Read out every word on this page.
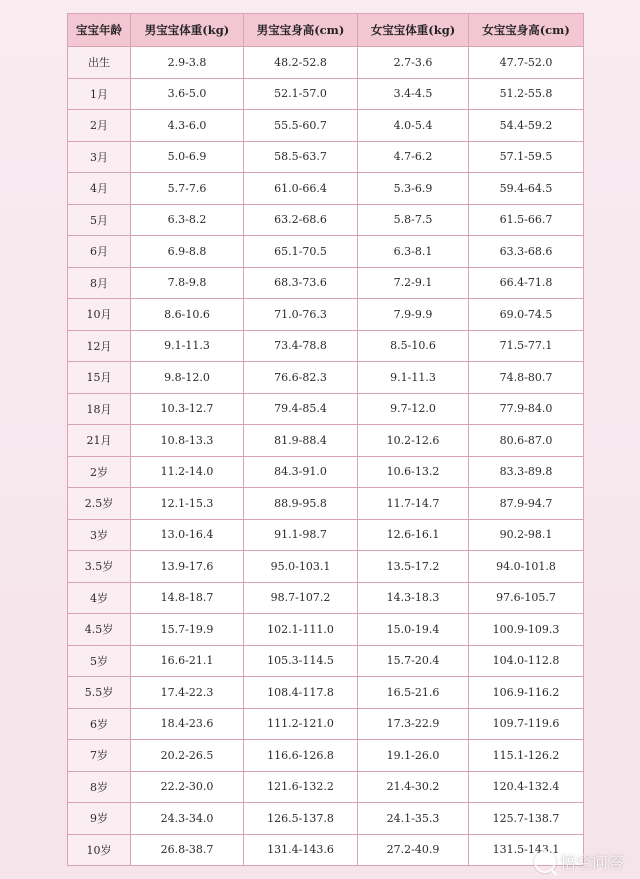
宝宝年龄	男宝宝体重(kg)	男宝宝身高(cm)	女宝宝体重(kg)	女宝宝身高(cm)
出生	2.9-3.8	48.2-52.8	2.7-3.6	47.7-52.0
1月	3.6-5.0	52.1-57.0	3.4-4.5	51.2-55.8
2月	4.3-6.0	55.5-60.7	4.0-5.4	54.4-59.2
3月	5.0-6.9	58.5-63.7	4.7-6.2	57.1-59.5
4月	5.7-7.6	61.0-66.4	5.3-6.9	59.4-64.5
5月	6.3-8.2	63.2-68.6	5.8-7.5	61.5-66.7
6月	6.9-8.8	65.1-70.5	6.3-8.1	63.3-68.6
8月	7.8-9.8	68.3-73.6	7.2-9.1	66.4-71.8
10月	8.6-10.6	71.0-76.3	7.9-9.9	69.0-74.5
12月	9.1-11.3	73.4-78.8	8.5-10.6	71.5-77.1
15月	9.8-12.0	76.6-82.3	9.1-11.3	74.8-80.7
18月	10.3-12.7	79.4-85.4	9.7-12.0	77.9-84.0
21月	10.8-13.3	81.9-88.4	10.2-12.6	80.6-87.0
2岁	11.2-14.0	84.3-91.0	10.6-13.2	83.3-89.8
2.5岁	12.1-15.3	88.9-95.8	11.7-14.7	87.9-94.7
3岁	13.0-16.4	91.1-98.7	12.6-16.1	90.2-98.1
3.5岁	13.9-17.6	95.0-103.1	13.5-17.2	94.0-101.8
4岁	14.8-18.7	98.7-107.2	14.3-18.3	97.6-105.7
4.5岁	15.7-19.9	102.1-111.0	15.0-19.4	100.9-109.3
5岁	16.6-21.1	105.3-114.5	15.7-20.4	104.0-112.8
5.5岁	17.4-22.3	108.4-117.8	16.5-21.6	106.9-116.2
6岁	18.4-23.6	111.2-121.0	17.3-22.9	109.7-119.6
7岁	20.2-26.5	116.6-126.8	19.1-26.0	115.1-126.2
8岁	22.2-30.0	121.6-132.2	21.4-30.2	120.4-132.4
9岁	24.3-34.0	126.5-137.8	24.1-35.3	125.7-138.7
10岁	26.8-38.7	131.4-143.6	27.2-40.9	131.5-143.1
悟空问答
